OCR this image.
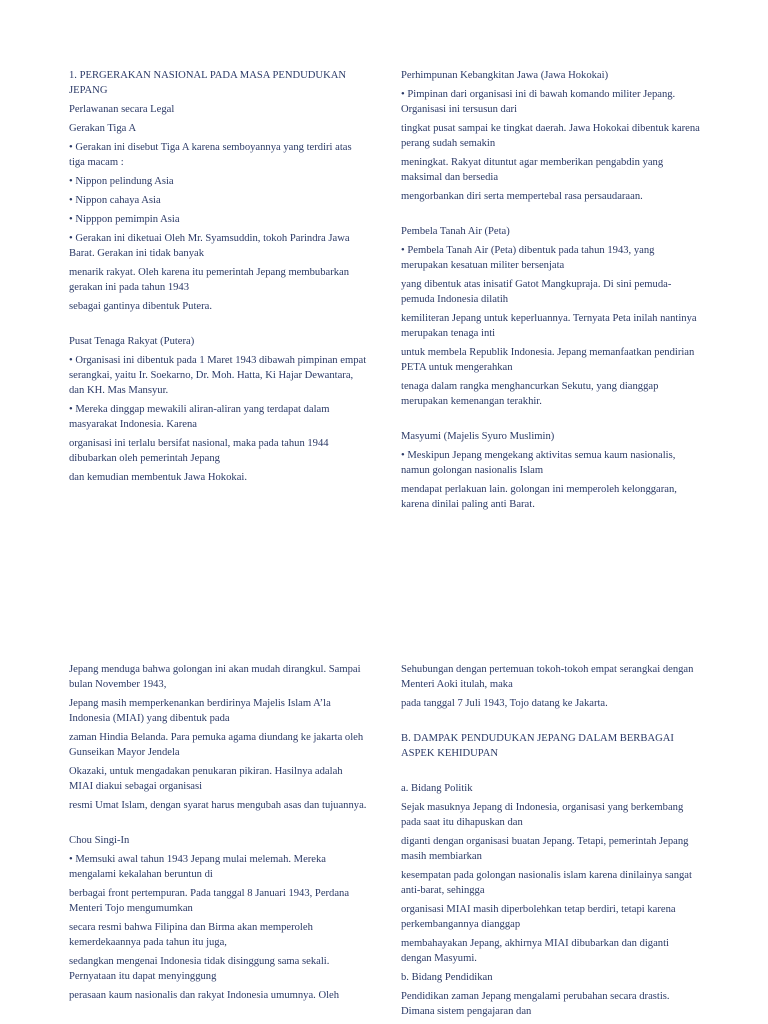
1. PERGERAKAN NASIONAL PADA MASA PENDUDUKAN JEPANG

Perlawanan secara Legal

Gerakan Tiga A

• Gerakan ini disebut Tiga A karena semboyannya yang terdiri atas tiga macam :

• Nippon pelindung Asia

• Nippon cahaya Asia

• Nipppon pemimpin Asia

• Gerakan ini diketuai Oleh Mr. Syamsuddin, tokoh Parindra Jawa Barat. Gerakan ini tidak banyak

menarik rakyat. Oleh karena itu pemerintah Jepang membubarkan gerakan ini pada tahun 1943

sebagai gantinya dibentuk Putera.

Pusat Tenaga Rakyat (Putera)

• Organisasi ini dibentuk pada 1 Maret 1943 dibawah pimpinan empat serangkai, yaitu Ir. Soekarno, Dr. Moh. Hatta, Ki Hajar Dewantara, dan KH. Mas Mansyur.

• Mereka dinggap mewakili aliran-aliran yang terdapat dalam masyarakat Indonesia. Karena

organisasi ini terlalu bersifat nasional, maka pada tahun 1944 dibubarkan oleh pemerintah Jepang

dan kemudian membentuk Jawa Hokokai.

Perhimpunan Kebangkitan Jawa (Jawa Hokokai)

• Pimpinan dari organisasi ini di bawah komando militer Jepang. Organisasi ini tersusun dari

tingkat pusat sampai ke tingkat daerah. Jawa Hokokai dibentuk karena perang sudah semakin

meningkat. Rakyat dituntut agar memberikan pengabdin yang maksimal dan bersedia

mengorbankan diri serta mempertebal rasa persaudaraan.

Pembela Tanah Air (Peta)

• Pembela Tanah Air (Peta) dibentuk pada tahun 1943, yang merupakan kesatuan militer bersenjata

yang dibentuk atas inisatif Gatot Mangkupraja. Di sini pemuda-pemuda Indonesia dilatih

kemiliteran Jepang untuk keperluannya. Ternyata Peta inilah nantinya merupakan tenaga inti

untuk membela Republik Indonesia. Jepang memanfaatkan pendirian PETA untuk mengerahkan

tenaga dalam rangka menghancurkan Sekutu, yang dianggap merupakan kemenangan terakhir.

Masyumi (Majelis Syuro Muslimin)

• Meskipun Jepang mengekang aktivitas semua kaum nasionalis, namun golongan nasionalis Islam

mendapat perlakuan lain. golongan ini memperoleh kelonggaran, karena dinilai paling anti Barat.

Jepang menduga bahwa golongan ini akan mudah dirangkul. Sampai bulan November 1943,

Jepang masih memperkenankan berdirinya Majelis Islam A’la Indonesia (MIAI) yang dibentuk pada

zaman Hindia Belanda. Para pemuka agama diundang ke jakarta oleh Gunseikan Mayor Jendela

Okazaki, untuk mengadakan penukaran pikiran. Hasilnya adalah MIAI diakui sebagai organisasi

resmi Umat Islam, dengan syarat harus mengubah asas dan tujuannya.

Chou Singi-In

• Memsuki awal tahun 1943 Jepang mulai melemah. Mereka mengalami kekalahan beruntun di

berbagai front pertempuran. Pada tanggal 8 Januari 1943, Perdana Menteri Tojo mengumumkan

secara resmi bahwa Filipina dan Birma akan memperoleh kemerdekaannya pada tahun itu juga,

sedangkan mengenai Indonesia tidak disinggung sama sekali. Pernyataan itu dapat menyinggung

perasaan kaum nasionalis dan rakyat Indonesia umumnya. Oleh

Sehubungan dengan pertemuan tokoh-tokoh empat serangkai dengan Menteri Aoki itulah, maka

pada tanggal 7 Juli 1943, Tojo datang ke Jakarta.

B. DAMPAK PENDUDUKAN JEPANG DALAM BERBAGAI ASPEK KEHIDUPAN

a. Bidang Politik

Sejak masuknya Jepang di Indonesia, organisasi yang berkembang pada saat itu dihapuskan dan

diganti dengan organisasi buatan Jepang. Tetapi, pemerintah Jepang masih membiarkan

kesempatan pada golongan nasionalis islam karena dinilainya sangat anti-barat, sehingga

organisasi MIAI masih diperbolehkan tetap berdiri, tetapi karena perkembangannya dianggap

membahayakan Jepang, akhirnya MIAI dibubarkan dan diganti dengan Masyumi.

b. Bidang Pendidikan

Pendidikan zaman Jepang mengalami perubahan secara drastis. Dimana sistem pengajaran dan
